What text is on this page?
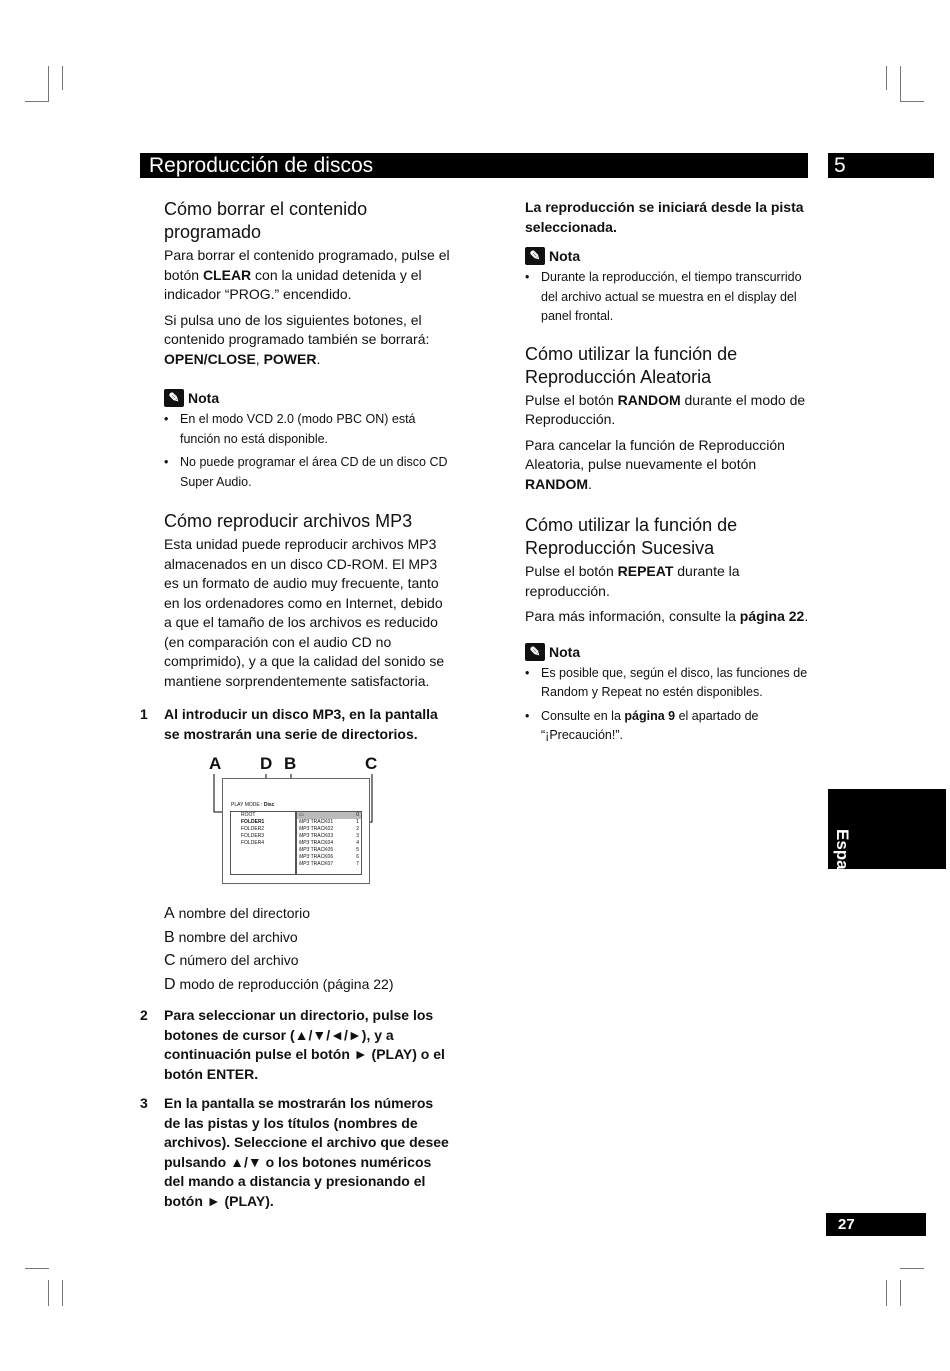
Reproducción de discos	5
Cómo borrar el contenido programado

Para borrar el contenido programado, pulse el botón CLEAR con la unidad detenida y el indicador “PROG.” encendido.

Si pulsa uno de los siguientes botones, el contenido programado también se borrará: OPEN/CLOSE, POWER.

✎ Nota
• En el modo VCD 2.0 (modo PBC ON) está función no está disponible.
• No puede programar el área CD de un disco CD Super Audio.
Cómo reproducir archivos MP3

Esta unidad puede reproducir archivos MP3 almacenados en un disco CD-ROM. El MP3 es un formato de audio muy frecuente, tanto en los ordenadores como en Internet, debido a que el tamaño de los archivos es reducido (en comparación con el audio CD no comprimido), y a que la calidad del sonido se mantiene sorprendentemente satisfactoria.

1 Al introducir un disco MP3, en la pantalla se mostrarán una serie de directorios.
A D B	C
PLAY MODE : Disc
ROOT
FOLDER1
FOLDER2
FOLDER3
FOLDER4
▭	0
MP3 TRACK01	1
MP3 TRACK02	2
MP3 TRACK03	3
MP3 TRACK04	4
MP3 TRACK05	5
MP3 TRACK06	6
MP3 TRACK07	7

A nombre del directorio

B nombre del archivo

C número del archivo

D modo de reproducción (página 22)

2 Para seleccionar un directorio, pulse los botones de cursor (▲/▼/◄/►), y a continuación pulse el botón ► (PLAY) o el botón ENTER.
3 En la pantalla se mostrarán los números de las pistas y los títulos (nombres de archivos). Seleccione el archivo que desee pulsando ▲/▼ o los botones numéricos del mando a distancia y presionando el botón ► (PLAY).

La reproducción se iniciará desde la pista seleccionada.

✎ Nota
• Durante la reproducción, el tiempo transcurrido del archivo actual se muestra en el display del panel frontal.
Cómo utilizar la función de Reproducción Aleatoria

Pulse el botón RANDOM durante el modo de Reproducción.

Para cancelar la función de Reproducción Aleatoria, pulse nuevamente el botón RANDOM.

Cómo utilizar la función de Reproducción Sucesiva

Pulse el botón REPEAT durante la reproducción.

Para más información, consulte la página 22.

✎ Nota
• Es posible que, según el disco, las funciones de Random y Repeat no estén disponibles.
• Consulte en la página 9 el apartado de “¡Precaución!”.
Español
27
